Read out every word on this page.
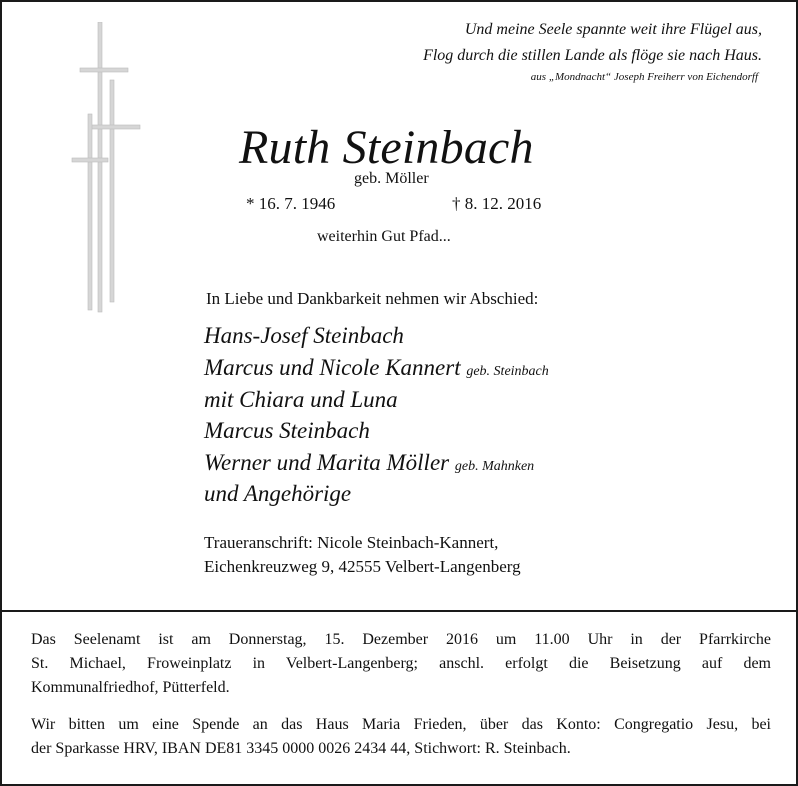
Und meine Seele spannte weit ihre Flügel aus,
Flog durch die stillen Lande als flöge sie nach Haus.
aus „Mondnacht“ Joseph Freiherr von Eichendorff
Ruth Steinbach
geb. Möller
* 16. 7. 1946	† 8. 12. 2016
weiterhin Gut Pfad...
In Liebe und Dankbarkeit nehmen wir Abschied:
Hans-Josef Steinbach
Marcus und Nicole Kannert geb. Steinbach
mit Chiara und Luna
Marcus Steinbach
Werner und Marita Möller geb. Mahnken
und Angehörige
Traueranschrift: Nicole Steinbach-Kannert,
Eichenkreuzweg 9, 42555 Velbert-Langenberg
Das Seelenamt ist am Donnerstag, 15. Dezember 2016 um 11.00 Uhr in der Pfarrkirche
St. Michael, Froweinplatz in Velbert-Langenberg; anschl. erfolgt die Beisetzung auf dem
Kommunalfriedhof, Pütterfeld.
Wir bitten um eine Spende an das Haus Maria Frieden, über das Konto: Congregatio Jesu, bei
der Sparkasse HRV, IBAN DE81 3345 0000 0026 2434 44, Stichwort: R. Steinbach.
